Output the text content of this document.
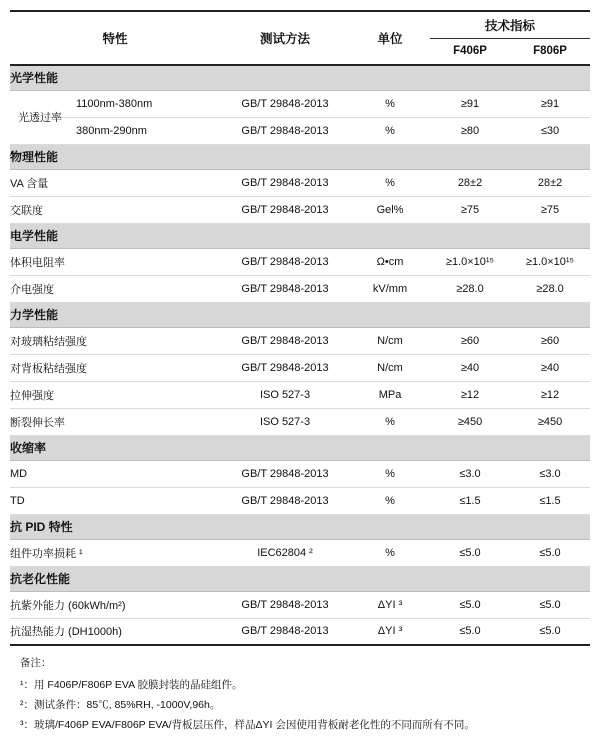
特性		测试方法	单位	技术指标	
				F406P	F806P
光学性能					
光透过率	1100nm-380nm	GB/T 29848-2013	%	≥91	≥91
	380nm-290nm	GB/T 29848-2013	%	≥80	≤30
物理性能					
VA 含量		GB/T 29848-2013	%	28±2	28±2
交联度		GB/T 29848-2013	Gel%	≥75	≥75
电学性能					
体积电阻率		GB/T 29848-2013	Ω•cm	≥1.0×10¹⁵	≥1.0×10¹⁵
介电强度		GB/T 29848-2013	kV/mm	≥28.0	≥28.0
力学性能					
对玻璃粘结强度		GB/T 29848-2013	N/cm	≥60	≥60
对背板粘结强度		GB/T 29848-2013	N/cm	≥40	≥40
拉伸强度		ISO 527-3	MPa	≥12	≥12
断裂伸长率		ISO 527-3	%	≥450	≥450
收缩率					
MD		GB/T 29848-2013	%	≤3.0	≤3.0
TD		GB/T 29848-2013	%	≤1.5	≤1.5
抗 PID 特性					
组件功率损耗 ¹		IEC62804 ²	%	≤5.0	≤5.0
抗老化性能					
抗紫外能力 (60kWh/m²)		GB/T 29848-2013	ΔYI ³	≤5.0	≤5.0
抗湿热能力 (DH1000h)		GB/T 29848-2013	ΔYI ³	≤5.0	≤5.0
备注：
¹：用 F406P/F806P EVA 胶膜封装的晶硅组件。
²：测试条件：85℃, 85%RH, -1000V,96h。
³：玻璃/F406P EVA/F806P EVA/背板层压件，样品ΔYI 会因使用背板耐老化性的不同而所有不同。
